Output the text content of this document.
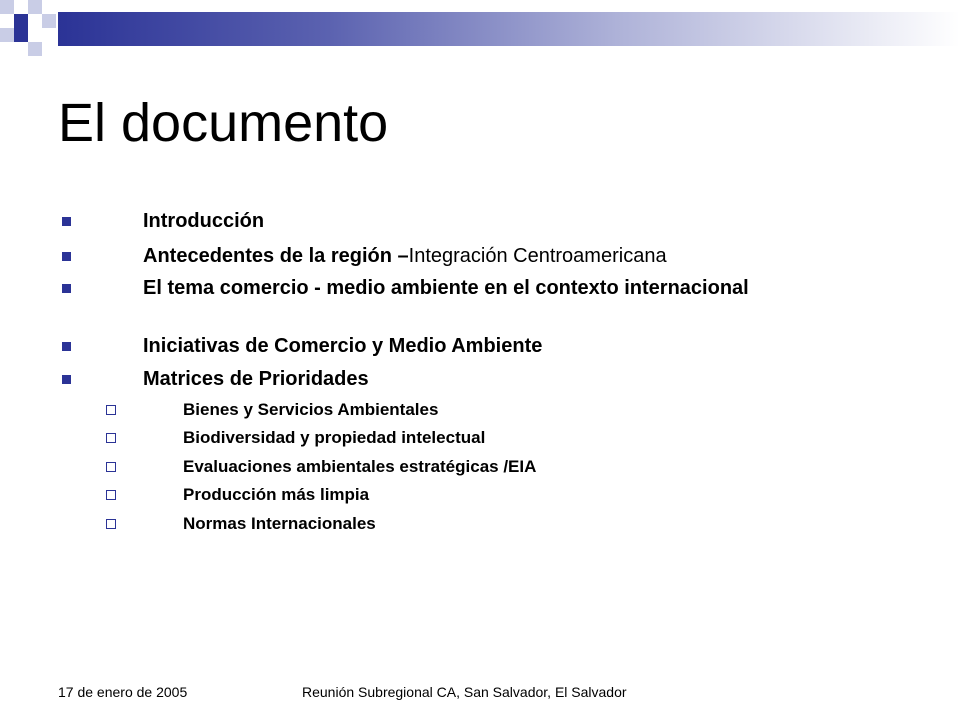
El documento
Introducción
Antecedentes de la región –Integración Centroamericana
El tema comercio - medio ambiente en el contexto internacional
Iniciativas de Comercio y Medio Ambiente
Matrices de Prioridades
Bienes y Servicios Ambientales
Biodiversidad y propiedad intelectual
Evaluaciones ambientales estratégicas /EIA
Producción más limpia
Normas Internacionales
17 de enero de 2005	Reunión Subregional CA, San Salvador, El Salvador
